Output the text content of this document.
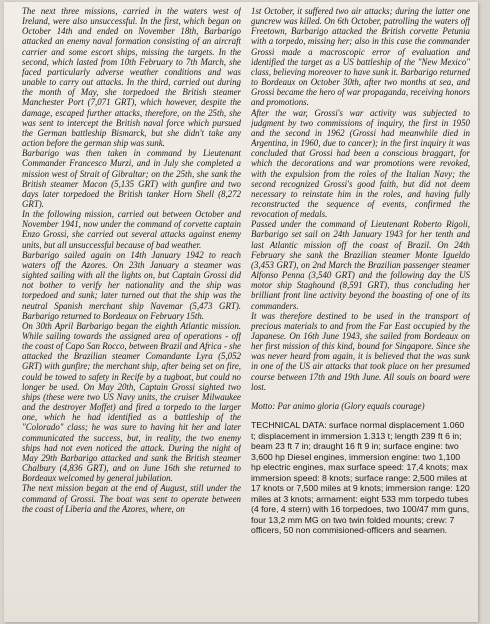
The next three missions, carried in the waters west of Ireland, were also unsuccessful. In the first, which began on October 14th and ended on November 18th, Barbarigo attacked an enemy naval formation consisting of an aircraft carrier and some escort ships, missing the targets. In the second, which lasted from 10th February to 7th March, she faced particularly adverse weather conditions and was unable to carry out attacks. In the third, carried out during the month of May, she torpedoed the British steamer Manchester Port (7,071 GRT), which however, despite the damage, escaped further attacks, therefore, on the 25th, she was sent to intercept the British naval force which pursued the German battleship Bismarck, but she didn't take any action before the german ship was sunk.

Barbarigo was then taken in command by Lieutenant Commander Francesco Murzi, and in July she completed a mission west of Strait of Gibraltar; on the 25th, she sank the British steamer Macon (5,135 GRT) with gunfire and two days later torpedoed the British tanker Horn Shell (8,272 GRT).

In the following mission, carried out between October and November 1941, now under the command of corvette captain Enzo Grossi, she carried out several attacks against enemy units, but all unsuccessful because of bad weather.

Barbarigo sailed again on 14th January 1942 to reach waters off the Azores. On 23th January a steamer was sighted sailing with all the lights on, but Captain Grossi did not bother to verify her nationality and the ship was torpedoed and sunk; later turned out that the ship was the neutral Spanish merchant ship Navemar (5,473 GRT). Barbarigo returned to Bordeaux on February 15th.

On 30th April Barbarigo began the eighth Atlantic mission. While sailing towards the assigned area of operations - off the coast of Capo San Rocco, between Brazil and Africa - she attacked the Brazilian steamer Comandante Lyra (5,052 GRT) with gunfire; the merchant ship, after being set on fire, could be towed to safety in Recife by a tugboat, but could no longer be used. On May 20th, Captain Grossi sighted two ships (these were two US Navy units, the cruiser Milwaukee and the destroyer Moffet) and fired a torpedo to the larger one, which he had identified as a battleship of the "Colorado" class; he was sure to having hit her and later communicated the success, but, in reality, the two enemy ships had not even noticed the attack. During the night of May 29th Barbarigo attacked and sank the British steamer Chalbury (4,836 GRT), and on June 16th she returned to Bordeaux welcomed by general jubilation.

The next mission began at the end of August, still under the command of Grossi. The boat was sent to operate between the coast of Liberia and the Azores, where, on

1st October, it suffered two air attacks; during the latter one guncrew was killed. On 6th October, patrolling the waters off Freetown, Barbarigo attacked the British corvette Petunia with a torpedo, missing her; also in this case the commander Grossi made a macroscopic error of evaluation and identified the target as a US battleship of the "New Mexico" class, believing moreover to have sunk it. Barbarigo returned to Bordeaux on October 30th, after two months at sea, and Grossi became the hero of war propaganda, receiving honors and promotions.

After the war, Grossi's war activity was subjected to judgment by two commissions of inquiry, the first in 1950 and the second in 1962 (Grossi had meanwhile died in Argentina, in 1960, due to cancer); in the first inquiry it was concluded that Grossi had been a conscious braggart, for which the decorations and war promotions were revoked, with the expulsion from the roles of the Italian Navy; the second recognized Grossi's good faith, but did not deem necessary to reinstate him in the roles, and having fully reconstructed the sequence of events, confirmed the revocation of medals.

Passed under the command of Lieutenant Roberto Rigoli, Barbarigo set sail on 24th January 1943 for her tenth and last Atlantic mission off the coast of Brazil. On 24th February she sank the Brazilian steamer Monte Igueldo (3,453 GRT), on 2nd March the Brazilian passenger steamer Alfonso Penna (3,540 GRT) and the following day the US motor ship Staghound (8,591 GRT), thus concluding her brilliant front line activity beyond the boasting of one of its commanders.

It was therefore destined to be used in the transport of precious materials to and from the Far East occupied by the Japanese. On 16th June 1943, she sailed from Bordeaux on her first mission of this kind, bound for Singapore. Since she was never heard from again, it is believed that the was sunk in one of the US air attacks that took place on her presumed course between 17th and 19th June. All souls on board were lost.

Motto: Par animo gloria (Glory equals courage)

TECHNICAL DATA: surface normal displacement 1.060 t; displacement in immersion 1.313 t; length 239 ft 6 in; beam 23 ft 7 in; draught 16 ft 9 in; surface engine: two 3,600 hp Diesel engines, immersion engine: two 1,100 hp electric engines, max surface speed: 17,4 knots; max immersion speed: 8 knots; surface range: 2,500 miles at 17 knots or 7,500 miles at 9 knots; immersion range: 120 miles at 3 knots; armament: eight 533 mm torpedo tubes (4 fore, 4 stern) with 16 torpedoes, two 100/47 mm guns, four 13,2 mm MG on two twin folded mounts; crew: 7 officers, 50 non commisioned-officers and seamen.
